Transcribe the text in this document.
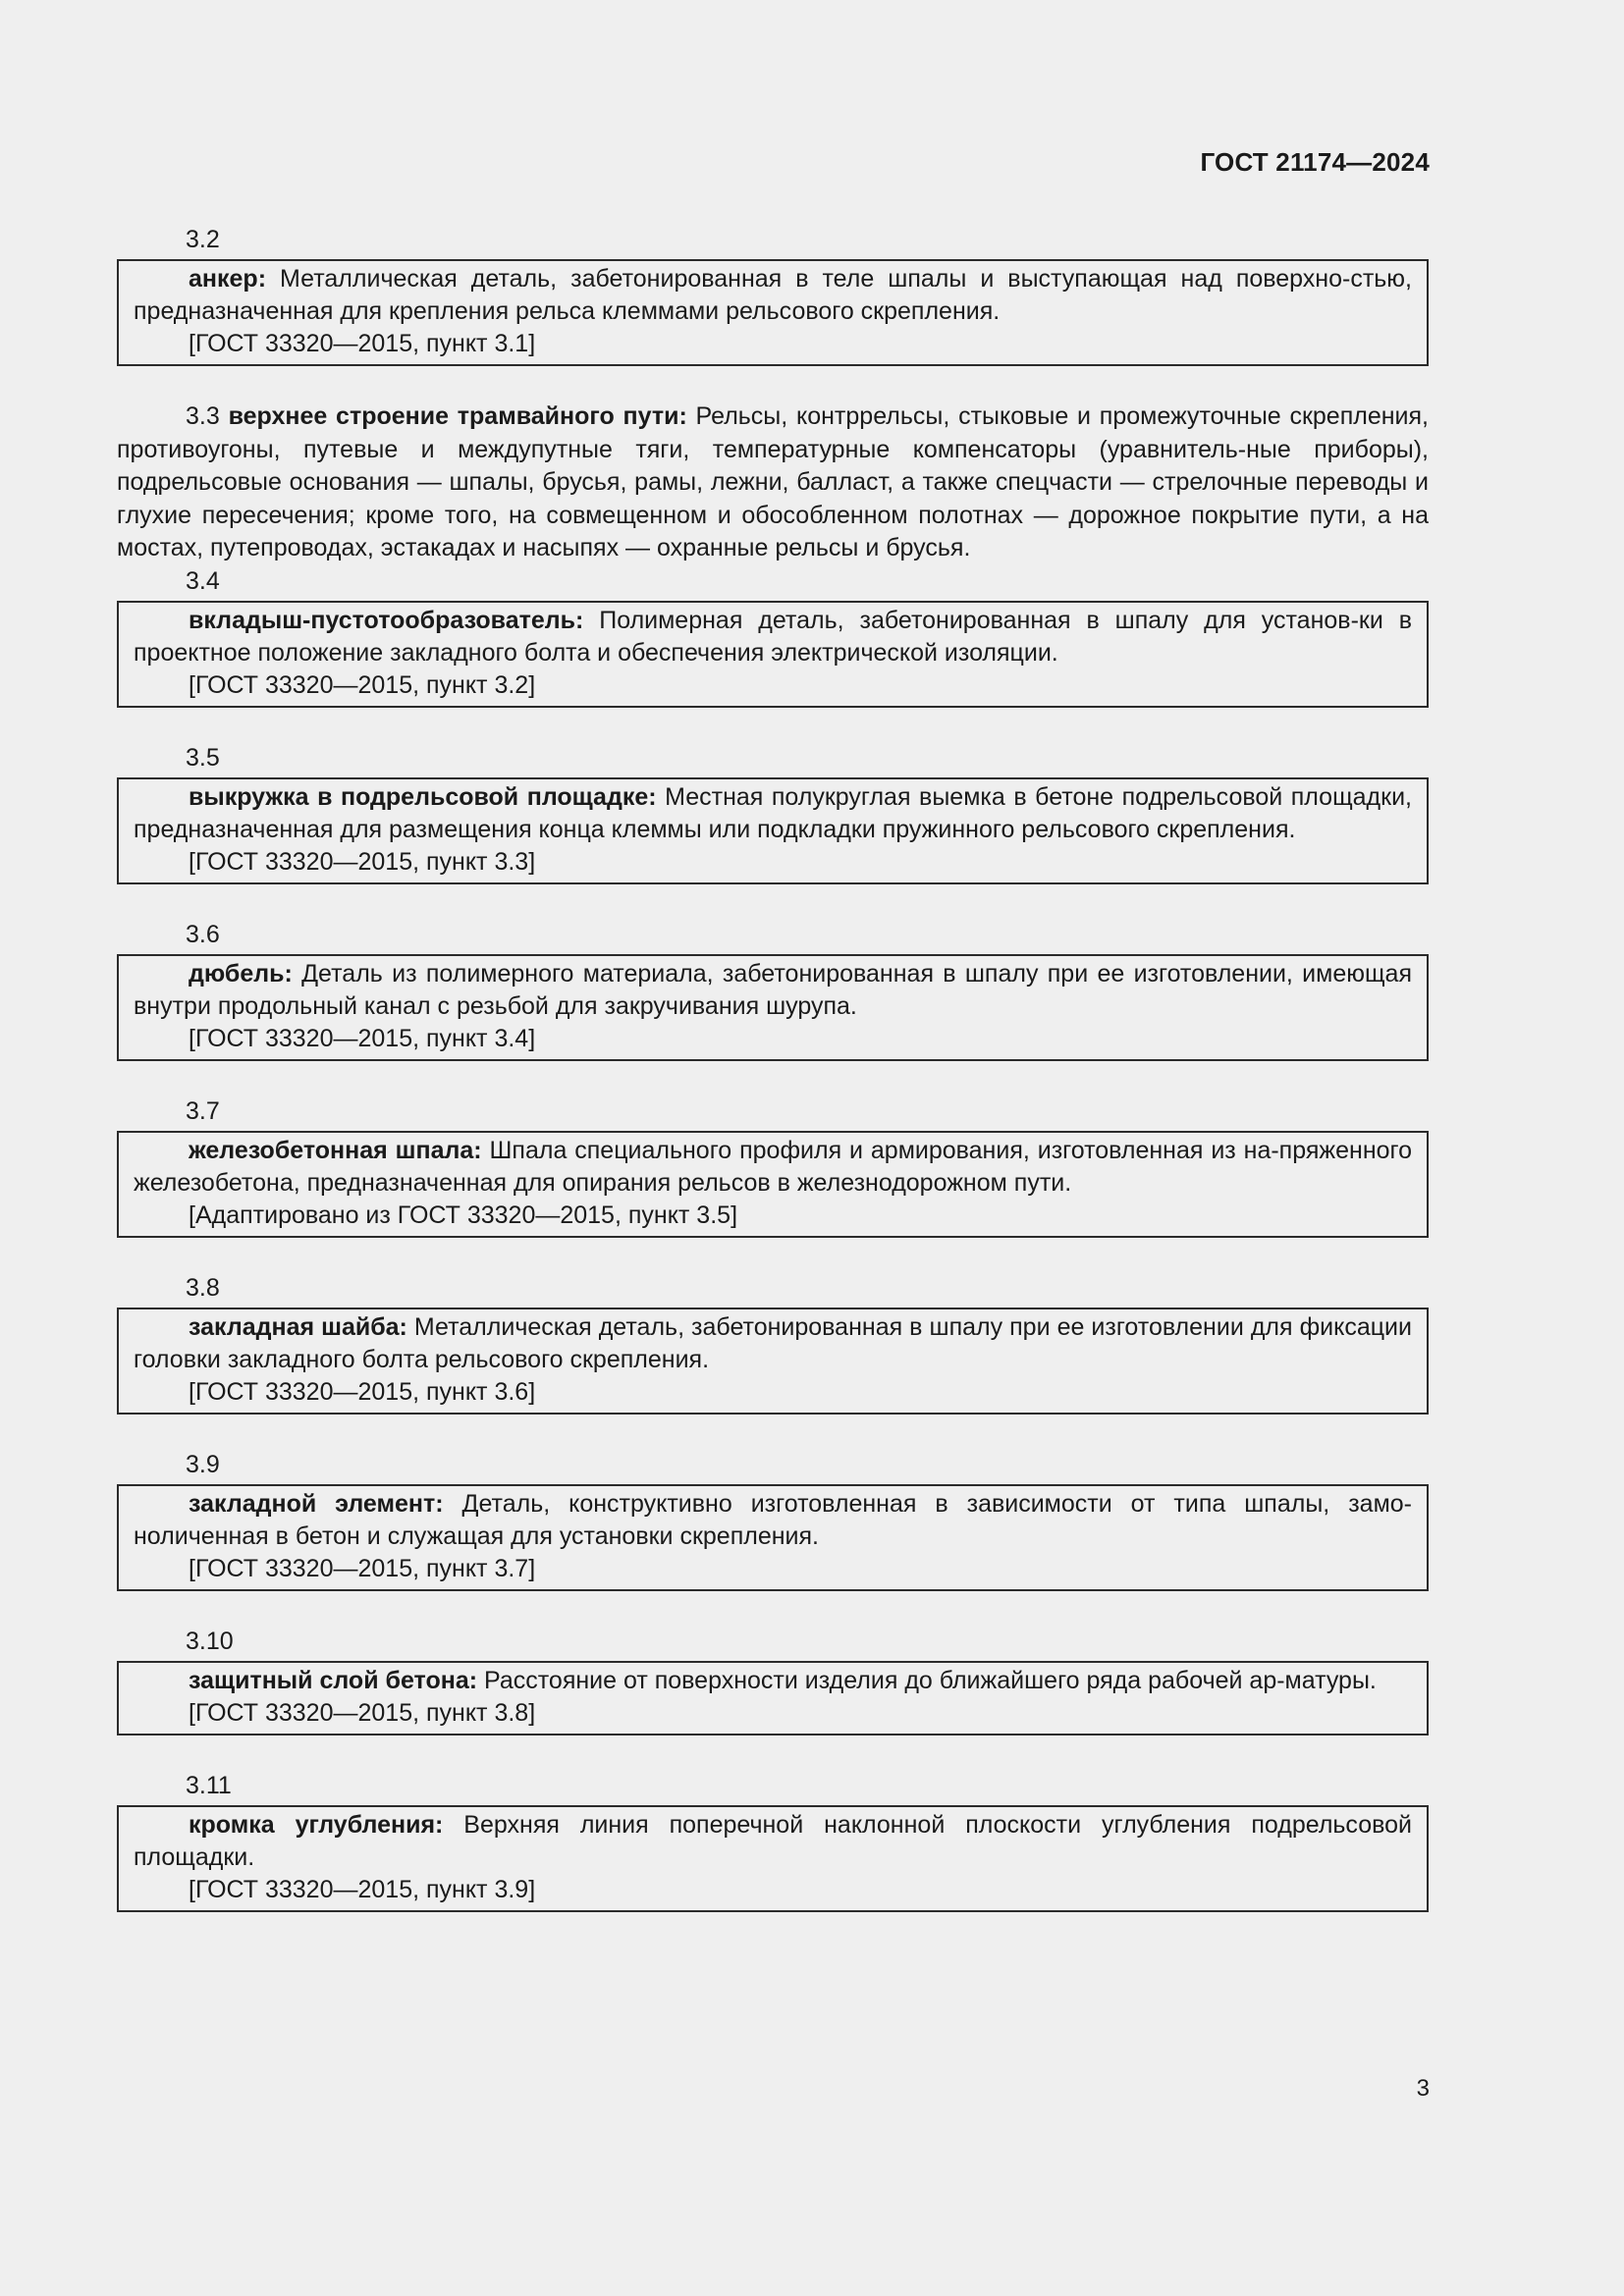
ГОСТ 21174—2024
3.2

анкер: Металлическая деталь, забетонированная в теле шпалы и выступающая над поверхно-стью, предназначенная для крепления рельса клеммами рельсового скрепления.

[ГОСТ 33320—2015, пункт 3.1]

3.3 верхнее строение трамвайного пути: Рельсы, контррельсы, стыковые и промежуточные скрепления, противоугоны, путевые и междупутные тяги, температурные компенсаторы (уравнитель-ные приборы), подрельсовые основания — шпалы, брусья, рамы, лежни, балласт, а также спецчасти — стрелочные переводы и глухие пересечения; кроме того, на совмещенном и обособленном полотнах — дорожное покрытие пути, а на мостах, путепроводах, эстакадах и насыпях — охранные рельсы и брусья.

3.4

вкладыш-пустотообразователь: Полимерная деталь, забетонированная в шпалу для установ-ки в проектное положение закладного болта и обеспечения электрической изоляции.

[ГОСТ 33320—2015, пункт 3.2]

3.5

выкружка в подрельсовой площадке: Местная полукруглая выемка в бетоне подрельсовой площадки, предназначенная для размещения конца клеммы или подкладки пружинного рельсового скрепления.

[ГОСТ 33320—2015, пункт 3.3]

3.6

дюбель: Деталь из полимерного материала, забетонированная в шпалу при ее изготовлении, имеющая внутри продольный канал с резьбой для закручивания шурупа.

[ГОСТ 33320—2015, пункт 3.4]

3.7

железобетонная шпала: Шпала специального профиля и армирования, изготовленная из на-пряженного железобетона, предназначенная для опирания рельсов в железнодорожном пути.

[Адаптировано из ГОСТ 33320—2015, пункт 3.5]

3.8

закладная шайба: Металлическая деталь, забетонированная в шпалу при ее изготовлении для фиксации головки закладного болта рельсового скрепления.

[ГОСТ 33320—2015, пункт 3.6]

3.9

закладной элемент: Деталь, конструктивно изготовленная в зависимости от типа шпалы, замо-ноличенная в бетон и служащая для установки скрепления.

[ГОСТ 33320—2015, пункт 3.7]

3.10

защитный слой бетона: Расстояние от поверхности изделия до ближайшего ряда рабочей ар-матуры.

[ГОСТ 33320—2015, пункт 3.8]

3.11

кромка углубления: Верхняя линия поперечной наклонной плоскости углубления подрельсовой площадки.

[ГОСТ 33320—2015, пункт 3.9]

3
